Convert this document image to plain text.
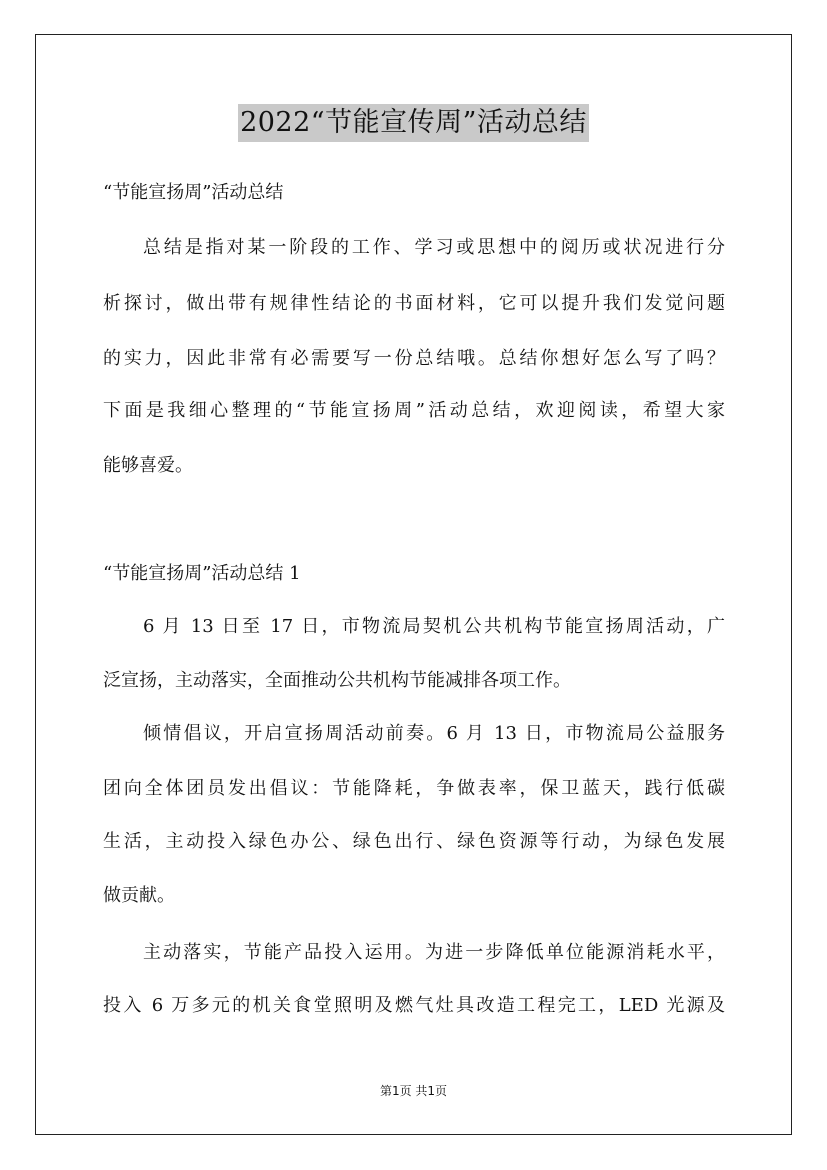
2022“节能宣传周”活动总结
“节能宣扬周”活动总结
总结是指对某一阶段的工作、学习或思想中的阅历或状况进行分
析探讨，做出带有规律性结论的书面材料，它可以提升我们发觉问题
的实力，因此非常有必需要写一份总结哦。总结你想好怎么写了吗？
下面是我细心整理的“节能宣扬周”活动总结，欢迎阅读，希望大家
能够喜爱。
“节能宣扬周”活动总结 1
6 月 13 日至 17 日，市物流局契机公共机构节能宣扬周活动，广
泛宣扬，主动落实，全面推动公共机构节能减排各项工作。
倾情倡议，开启宣扬周活动前奏。6 月 13 日，市物流局公益服务
团向全体团员发出倡议：节能降耗，争做表率，保卫蓝天，践行低碳
生活，主动投入绿色办公、绿色出行、绿色资源等行动，为绿色发展
做贡献。
主动落实，节能产品投入运用。为进一步降低单位能源消耗水平，
投入 6 万多元的机关食堂照明及燃气灶具改造工程完工，LED 光源及
第1页 共1页
